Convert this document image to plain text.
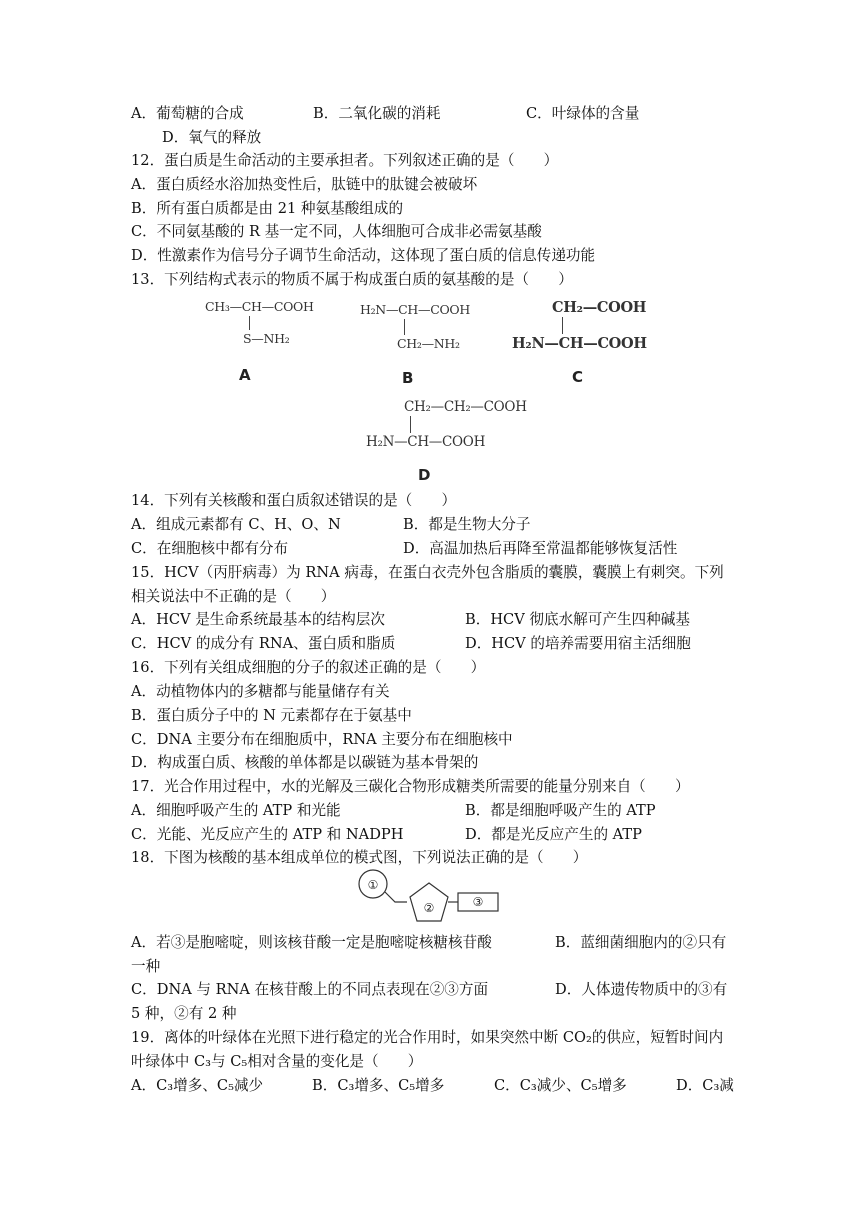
A．葡萄糖的合成	B．二氧化碳的消耗	C．叶绿体的含量
D．氧气的释放
12．蛋白质是生命活动的主要承担者。下列叙述正确的是（　　）
A．蛋白质经水浴加热变性后，肽链中的肽键会被破坏
B．所有蛋白质都是由 21 种氨基酸组成的
C．不同氨基酸的 R 基一定不同，人体细胞可合成非必需氨基酸
D．性激素作为信号分子调节生命活动，这体现了蛋白质的信息传递功能
13．下列结构式表示的物质不属于构成蛋白质的氨基酸的是（　　）
CH₃—CH—COOH
S—NH₂
A
H₂N—CH—COOH
CH₂—NH₂
B
CH₂—COOH
H₂N—CH—COOH
C
CH₂—CH₂—COOH
H₂N—CH—COOH
D
14．下列有关核酸和蛋白质叙述错误的是（　　）
A．组成元素都有 C、H、O、N	B．都是生物大分子
C．在细胞核中都有分布	D．高温加热后再降至常温都能够恢复活性
15．HCV（丙肝病毒）为 RNA 病毒，在蛋白衣壳外包含脂质的囊膜，囊膜上有刺突。下列
相关说法中不正确的是（　　）
A．HCV 是生命系统最基本的结构层次	B．HCV 彻底水解可产生四种碱基
C．HCV 的成分有 RNA、蛋白质和脂质	D．HCV 的培养需要用宿主活细胞
16．下列有关组成细胞的分子的叙述正确的是（　　）
A．动植物体内的多糖都与能量储存有关
B．蛋白质分子中的 N 元素都存在于氨基中
C．DNA 主要分布在细胞质中，RNA 主要分布在细胞核中
D．构成蛋白质、核酸的单体都是以碳链为基本骨架的
17．光合作用过程中，水的光解及三碳化合物形成糖类所需要的能量分别来自（　　）
A．细胞呼吸产生的 ATP 和光能	B．都是细胞呼吸产生的 ATP
C．光能、光反应产生的 ATP 和 NADPH	D．都是光反应产生的 ATP
18．下图为核酸的基本组成单位的模式图，下列说法正确的是（　　）
①
②	③
A．若③是胞嘧啶，则该核苷酸一定是胞嘧啶核糖核苷酸	B．蓝细菌细胞内的②只有
一种
C．DNA 与 RNA 在核苷酸上的不同点表现在②③方面	D．人体遗传物质中的③有
5 种，②有 2 种
19．离体的叶绿体在光照下进行稳定的光合作用时，如果突然中断 CO₂的供应，短暂时间内
叶绿体中 C₃与 C₅相对含量的变化是（　　）
A．C₃增多、C₅减少	B．C₃增多、C₅增多	C．C₃减少、C₅增多	D．C₃减
